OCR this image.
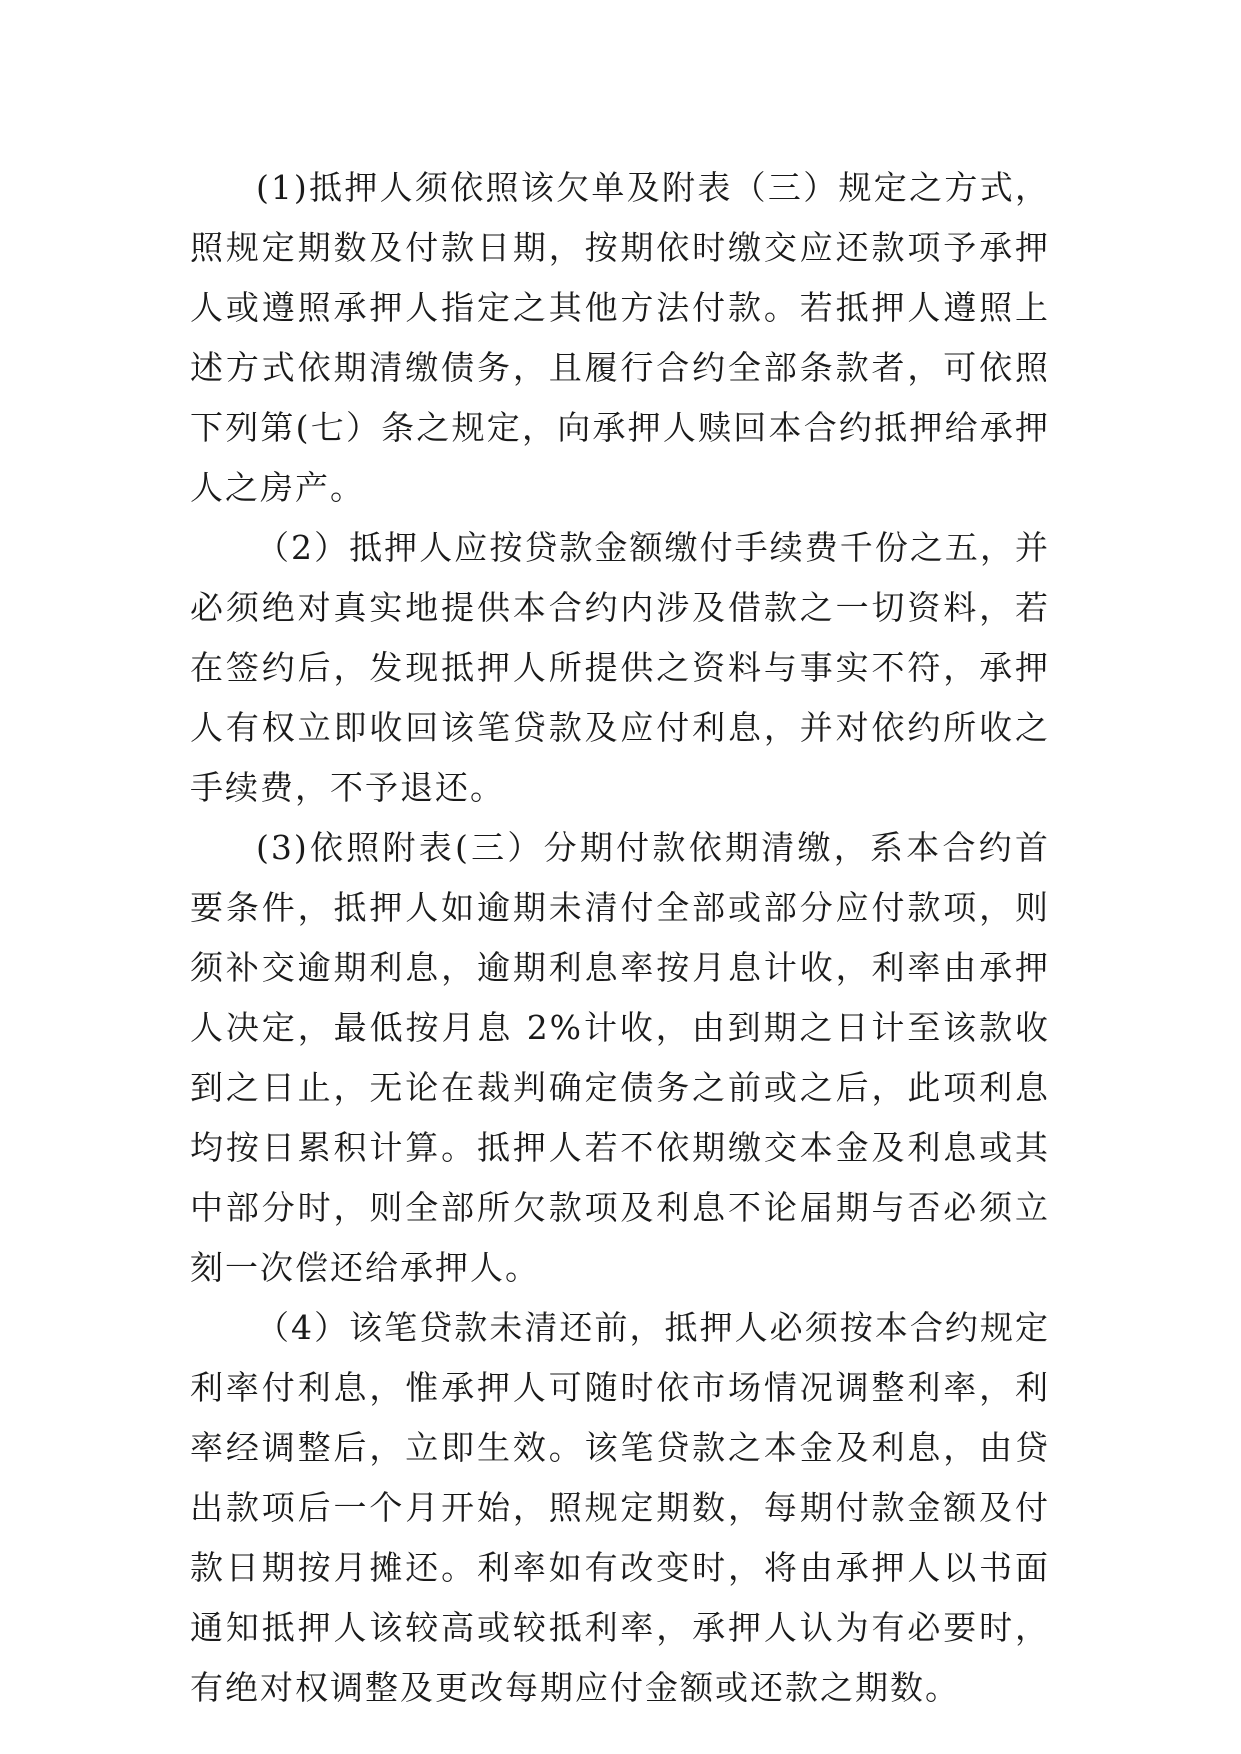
(1)抵押人须依照该欠单及附表（三）规定之方式，照规定期数及付款日期，按期依时缴交应还款项予承押人或遵照承押人指定之其他方法付款。若抵押人遵照上述方式依期清缴债务，且履行合约全部条款者，可依照下列第(七）条之规定，向承押人赎回本合约抵押给承押人之房产。

（2）抵押人应按贷款金额缴付手续费千份之五，并必须绝对真实地提供本合约内涉及借款之一切资料，若在签约后，发现抵押人所提供之资料与事实不符，承押人有权立即收回该笔贷款及应付利息，并对依约所收之手续费，不予退还。

(3)依照附表(三）分期付款依期清缴，系本合约首要条件，抵押人如逾期未清付全部或部分应付款项，则须补交逾期利息，逾期利息率按月息计收，利率由承押人决定，最低按月息 2%计收，由到期之日计至该款收到之日止，无论在裁判确定债务之前或之后，此项利息均按日累积计算。抵押人若不依期缴交本金及利息或其中部分时，则全部所欠款项及利息不论届期与否必须立刻一次偿还给承押人。

（4）该笔贷款未清还前，抵押人必须按本合约规定利率付利息，惟承押人可随时依市场情况调整利率，利率经调整后，立即生效。该笔贷款之本金及利息，由贷出款项后一个月开始，照规定期数，每期付款金额及付款日期按月摊还。利率如有改变时，将由承押人以书面通知抵押人该较高或较抵利率，承押人认为有必要时，有绝对权调整及更改每期应付金额或还款之期数。
